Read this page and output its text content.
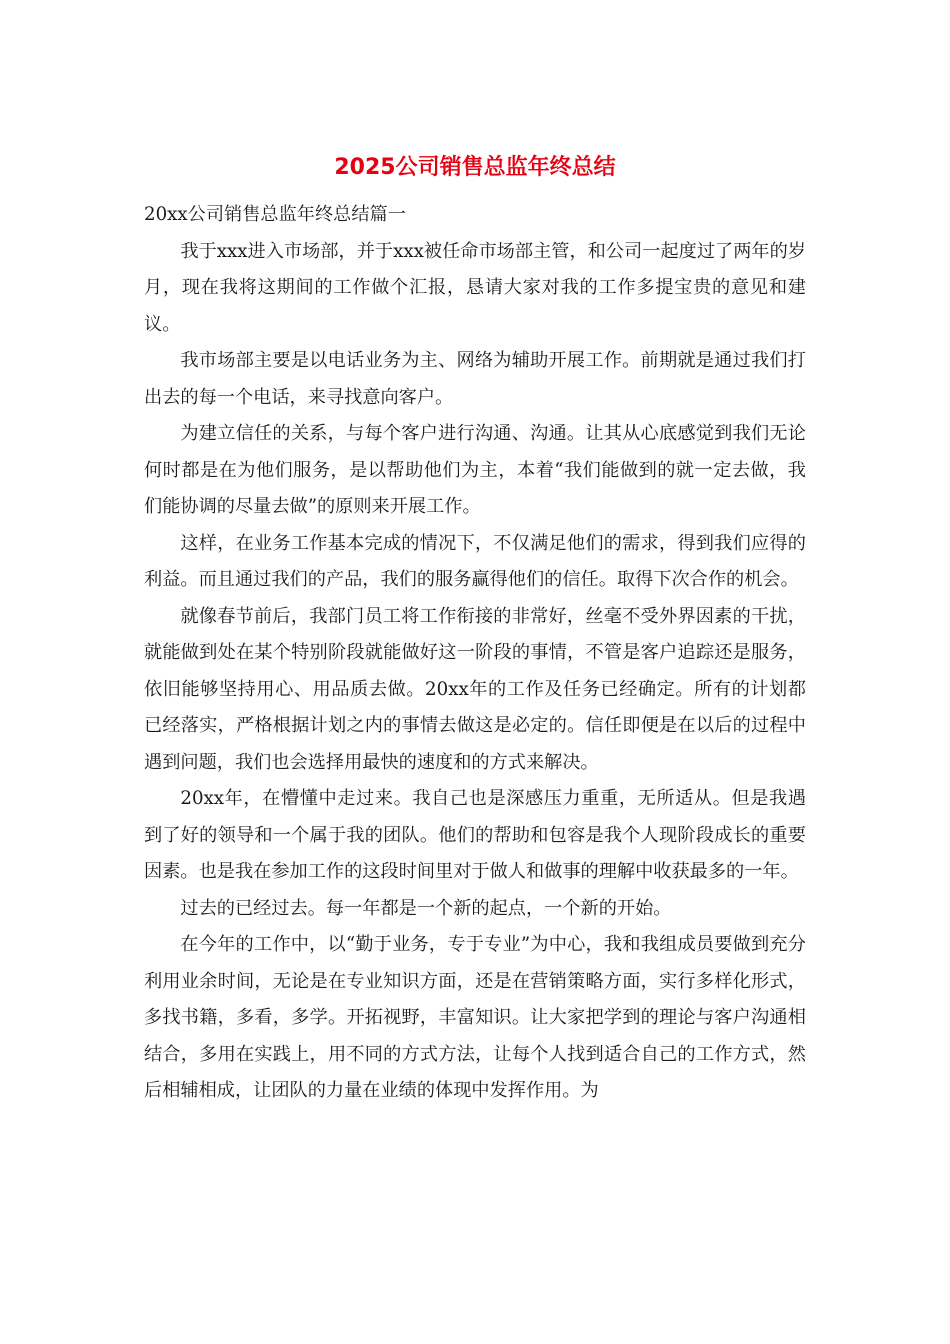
2025公司销售总监年终总结

20xx公司销售总监年终总结篇一

我于xxx进入市场部，并于xxx被任命市场部主管，和公司一起度过了两年的岁月，现在我将这期间的工作做个汇报，恳请大家对我的工作多提宝贵的意见和建议。

我市场部主要是以电话业务为主、网络为辅助开展工作。前期就是通过我们打出去的每一个电话，来寻找意向客户。

为建立信任的关系，与每个客户进行沟通、沟通。让其从心底感觉到我们无论何时都是在为他们服务，是以帮助他们为主，本着“我们能做到的就一定去做，我们能协调的尽量去做”的原则来开展工作。

这样，在业务工作基本完成的情况下，不仅满足他们的需求，得到我们应得的利益。而且通过我们的产品，我们的服务赢得他们的信任。取得下次合作的机会。

就像春节前后，我部门员工将工作衔接的非常好，丝毫不受外界因素的干扰，就能做到处在某个特别阶段就能做好这一阶段的事情，不管是客户追踪还是服务，依旧能够坚持用心、用品质去做。20xx年的工作及任务已经确定。所有的计划都已经落实，严格根据计划之内的事情去做这是必定的。信任即便是在以后的过程中遇到问题，我们也会选择用最快的速度和的方式来解决。

20xx年，在懵懂中走过来。我自己也是深感压力重重，无所适从。但是我遇到了好的领导和一个属于我的团队。他们的帮助和包容是我个人现阶段成长的重要因素。也是我在参加工作的这段时间里对于做人和做事的理解中收获最多的一年。

过去的已经过去。每一年都是一个新的起点，一个新的开始。

在今年的工作中，以“勤于业务，专于专业”为中心，我和我组成员要做到充分利用业余时间，无论是在专业知识方面，还是在营销策略方面，实行多样化形式，多找书籍，多看，多学。开拓视野，丰富知识。让大家把学到的理论与客户沟通相结合，多用在实践上，用不同的方式方法，让每个人找到适合自己的工作方式，然后相辅相成，让团队的力量在业绩的体现中发挥作用。为
